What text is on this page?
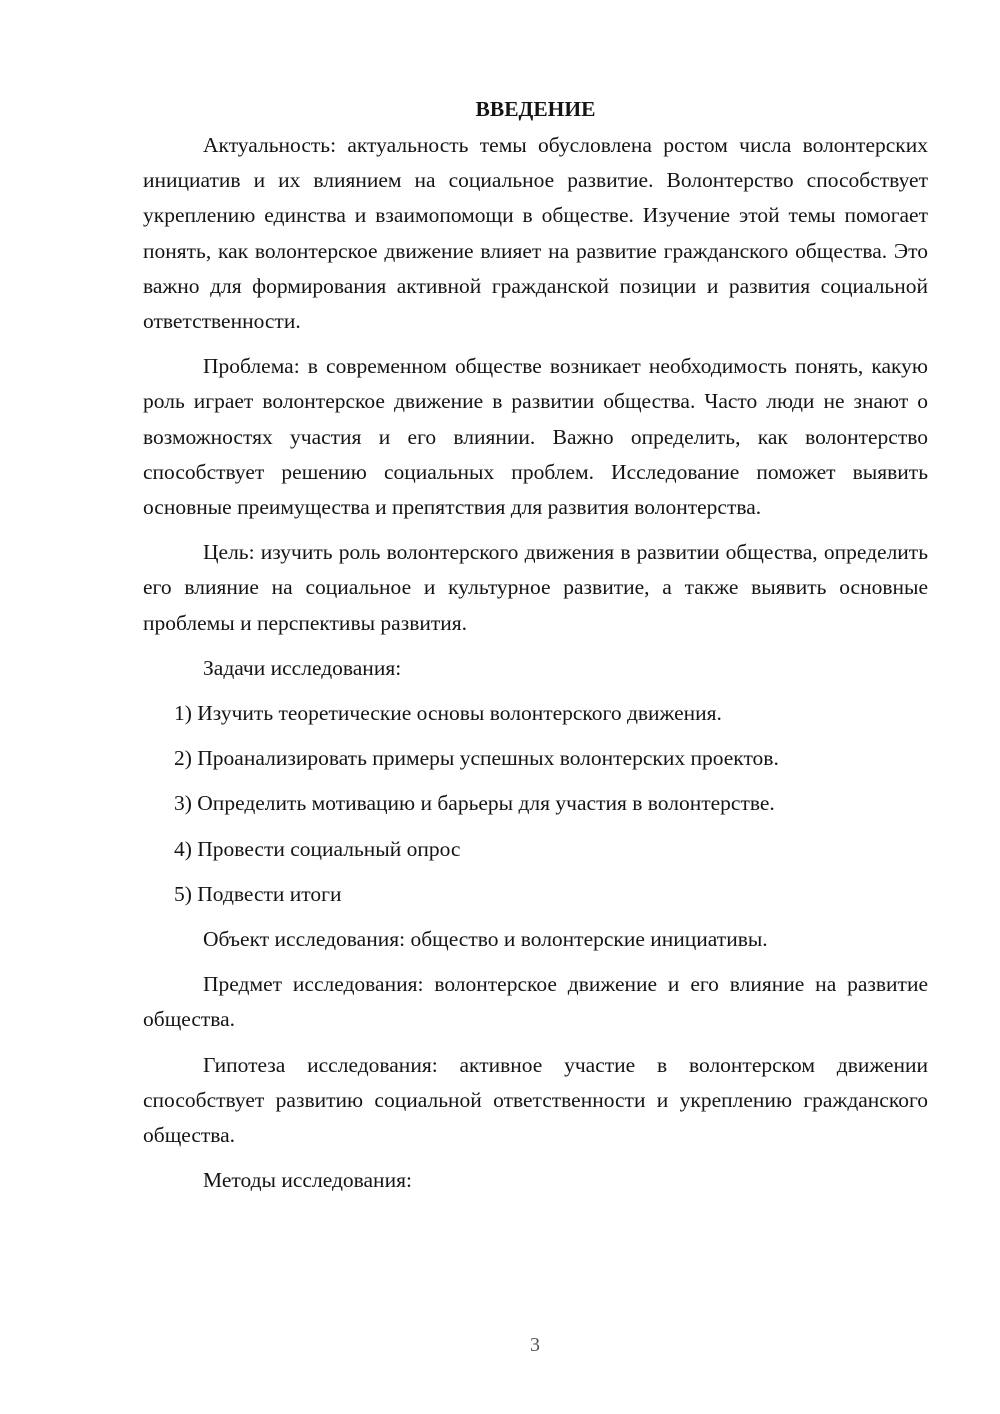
ВВЕДЕНИЕ

Актуальность: актуальность темы обусловлена ростом числа волонтерских инициатив и их влиянием на социальное развитие. Волонтерство способствует укреплению единства и взаимопомощи в обществе. Изучение этой темы помогает понять, как волонтерское движение влияет на развитие гражданского общества. Это важно для формирования активной гражданской позиции и развития социальной ответственности.

Проблема: в современном обществе возникает необходимость понять, какую роль играет волонтерское движение в развитии общества. Часто люди не знают о возможностях участия и его влиянии. Важно определить, как волонтерство способствует решению социальных проблем. Исследование поможет выявить основные преимущества и препятствия для развития волонтерства.

Цель: изучить роль волонтерского движения в развитии общества, определить его влияние на социальное и культурное развитие, а также выявить основные проблемы и перспективы развития.

Задачи исследования:

1) Изучить теоретические основы волонтерского движения.

2) Проанализировать примеры успешных волонтерских проектов.

3) Определить мотивацию и барьеры для участия в волонтерстве.

4) Провести социальный опрос

5) Подвести итоги

Объект исследования: общество и волонтерские инициативы.

Предмет исследования: волонтерское движение и его влияние на развитие общества.

Гипотеза исследования: активное участие в волонтерском движении способствует развитию социальной ответственности и укреплению гражданского общества.

Методы исследования:

3
